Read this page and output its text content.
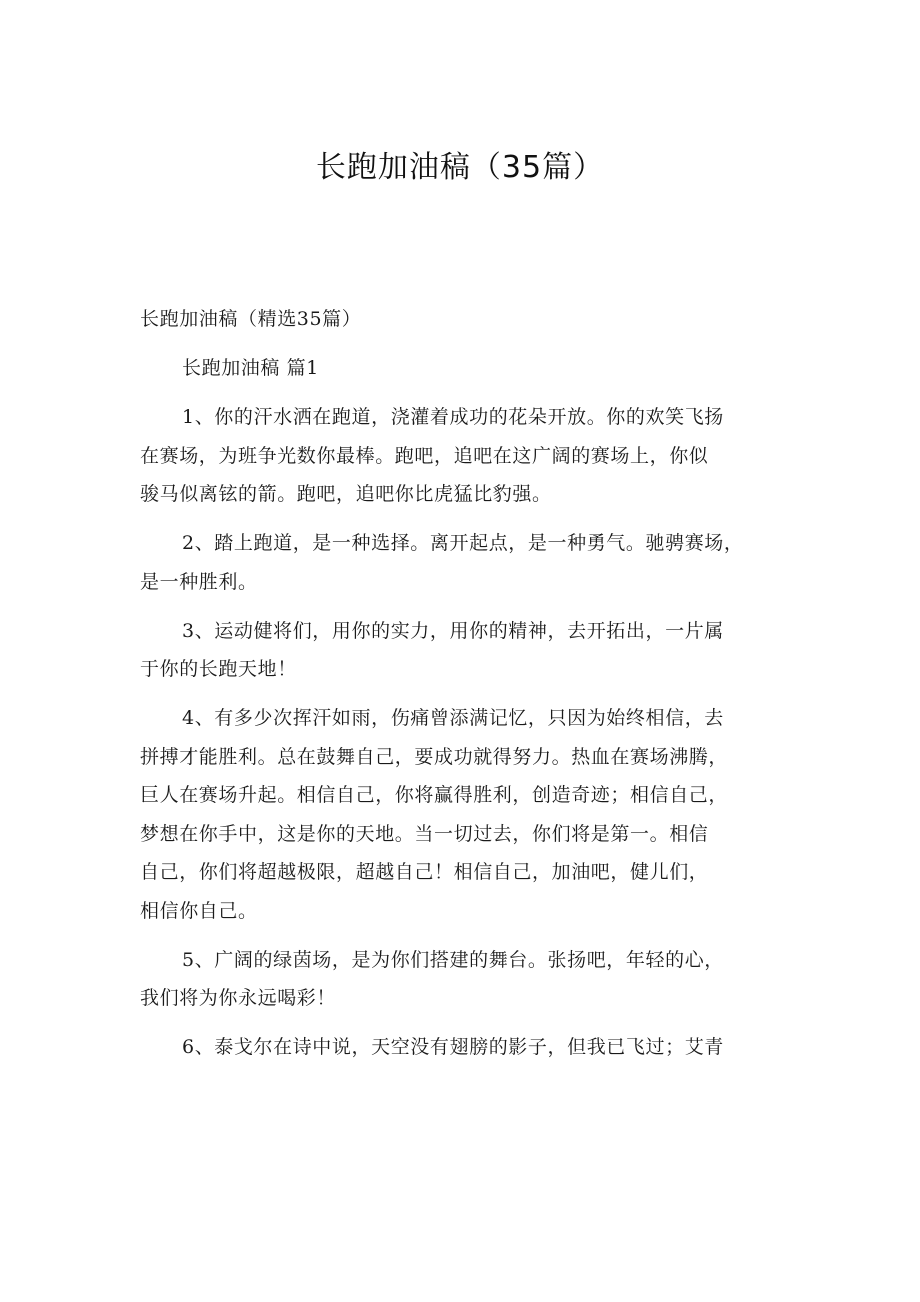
长跑加油稿（35篇）
长跑加油稿（精选35篇）
长跑加油稿 篇1
1、你的汗水洒在跑道，浇灌着成功的花朵开放。你的欢笑飞扬
在赛场，为班争光数你最棒。跑吧，追吧在这广阔的赛场上，你似
骏马似离铉的箭。跑吧，追吧你比虎猛比豹强。
2、踏上跑道，是一种选择。离开起点，是一种勇气。驰骋赛场，
是一种胜利。
3、运动健将们，用你的实力，用你的精神，去开拓出，一片属
于你的长跑天地！
4、有多少次挥汗如雨，伤痛曾添满记忆，只因为始终相信，去
拼搏才能胜利。总在鼓舞自己，要成功就得努力。热血在赛场沸腾，
巨人在赛场升起。相信自己，你将赢得胜利，创造奇迹；相信自己，
梦想在你手中，这是你的天地。当一切过去，你们将是第一。相信
自己，你们将超越极限，超越自己！相信自己，加油吧，健儿们，
相信你自己。
5、广阔的绿茵场，是为你们搭建的舞台。张扬吧，年轻的心，
我们将为你永远喝彩！
6、泰戈尔在诗中说，天空没有翅膀的影子，但我已飞过；艾青
